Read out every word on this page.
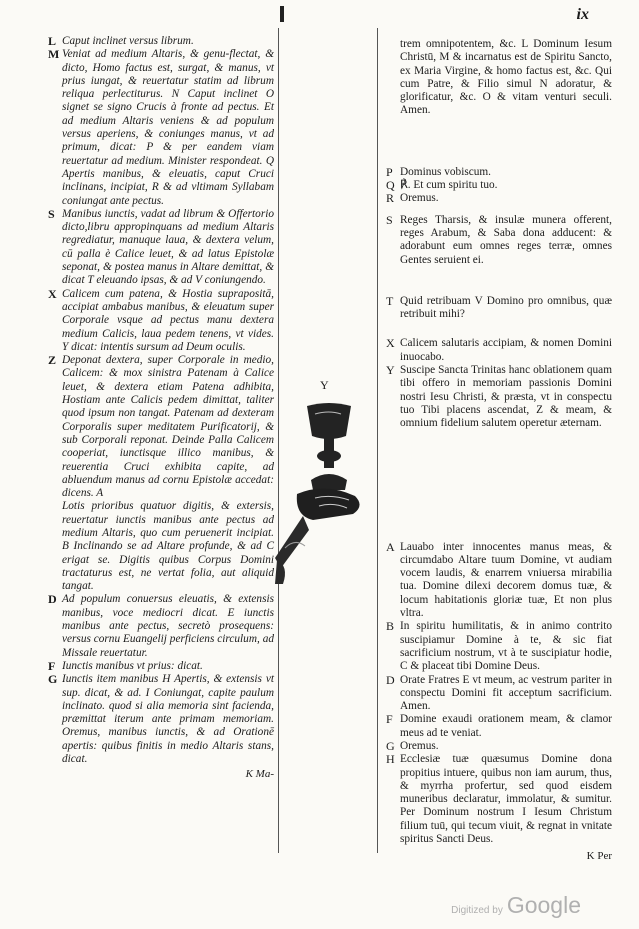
ix
L Caput inclinet versus librum.

M Veniat ad medium Altaris, & genu-flectat, & dicto, Homo factus est, surgat, & manus, vt prius iungat, & reuertatur statim ad librum reliqua perlectiturus. N Caput inclinet O signet se signo Crucis à fronte ad pectus. Et ad medium Altaris veniens & ad populum versus aperiens, & coniunges manus, vt ad primum, dicat: P & per eandem viam reuertatur ad medium. Minister respondeat. Q Apertis manibus, & eleuatis, caput Cruci inclinans, incipiat, R & ad vltimam Syllabam coniungat ante pectus.

S Manibus iunctis, vadat ad librum & Offertorio dicto,libru appropinquans ad medium Altaris regrediatur, manuque laua, & dextera velum, cū palla è Calice leuet, & ad latus Epistolæ seponat, & postea manus in Altare demittat, & dicat T eleuando ipsas, & ad V coniungendo.

X Calicem cum patena, & Hostia suprapositā, accipiat ambabus manibus, & eleuatum super Corporale vsque ad pectus manu dextera medium Calicis, laua pedem tenens, vt vides. Y dicat: intentis sursum ad Deum oculis.

Z Deponat dextera, super Corporale in medio, Calicem: & mox sinistra Patenam à Calice leuet, & dextera etiam Patena adhibita, Hostiam ante Calicis pedem dimittat, taliter quod ipsum non tangat. Patenam ad dexteram Corporalis super meditatem Purificatorij, & sub Corporali reponat. Deinde Palla Calicem cooperiat, iunctisque illico manibus, & reuerentia Cruci exhibita capite, ad abluendum manus ad cornu Epistolæ accedat: dicens. A

Lotis prioribus quatuor digitis, & extersis, reuertatur iunctis manibus ante pectus ad medium Altaris, quo cum peruenerit incipiat. B Inclinando se ad Altare profunde, & ad C erigat se. Digitis quibus Corpus Domini tractaturus est, ne vertat folia, aut aliquid tangat.

D Ad populum conuersus eleuatis, & extensis manibus, voce mediocri dicat. E iunctis manibus ante pectus, secretò prosequens: versus cornu Euangelij perficiens circulum, ad Missale reuertatur.

F Iunctis manibus vt prius: dicat.

G Iunctis item manibus H Apertis, & extensis vt sup. dicat, & ad. I Coniungat, capite paulum inclinato. quod si alia memoria sint facienda, præmittat iterum ante primam memoriam. Oremus, manibus iunctis, & ad Orationē apertis: quibus finitis in medio Altaris stans, dicat.

K Ma-
Y

trem omnipotentem, &c. L Dominum Iesum Christū, M & incarnatus est de Spiritu Sancto, ex Maria Virgine, & homo factus est, &c. Qui cum Patre, & Filio simul N adoratur, & glorificatur, &c. O & vitam venturi seculi. Amen.

P Dominus vobiscum.

Q ℟. Et cum spiritu tuo.

R Oremus.

S Reges Tharsis, & insulæ munera offerent, reges Arabum, & Saba dona adducent: & adorabunt eum omnes reges terræ, omnes Gentes seruient ei.

T Quid retribuam V Domino pro omnibus, quæ retribuit mihi?

X Calicem salutaris accipiam, & nomen Domini inuocabo.

Y Suscipe Sancta Trinitas hanc oblationem quam tibi offero in memoriam passionis Domini nostri Iesu Christi, & præsta, vt in conspectu tuo Tibi placens ascendat, Z & meam, & omnium fidelium salutem operetur æternam.

A Lauabo inter innocentes manus meas, & circumdabo Altare tuum Domine, vt audiam vocem laudis, & enarrem vniuersa mirabilia tua. Domine dilexi decorem domus tuæ, & locum habitationis gloriæ tuæ, Et non plus vltra.

B In spiritu humilitatis, & in animo contrito suscipiamur Domine à te, & sic fiat sacrificium nostrum, vt à te suscipiatur hodie, C & placeat tibi Domine Deus.

D Orate Fratres E vt meum, ac vestrum pariter in conspectu Domini fit acceptum sacrificium. Amen.

F Domine exaudi orationem meam, & clamor meus ad te veniat.

G Oremus.

H Ecclesiæ tuæ quæsumus Domine dona propitius intuere, quibus non iam aurum, thus, & myrrha profertur, sed quod eisdem muneribus declaratur, immolatur, & sumitur. Per Dominum nostrum I Iesum Christum filium tuū, qui tecum viuit, & regnat in vnitate spiritus Sancti Deus.

K Per
Digitized by Google
